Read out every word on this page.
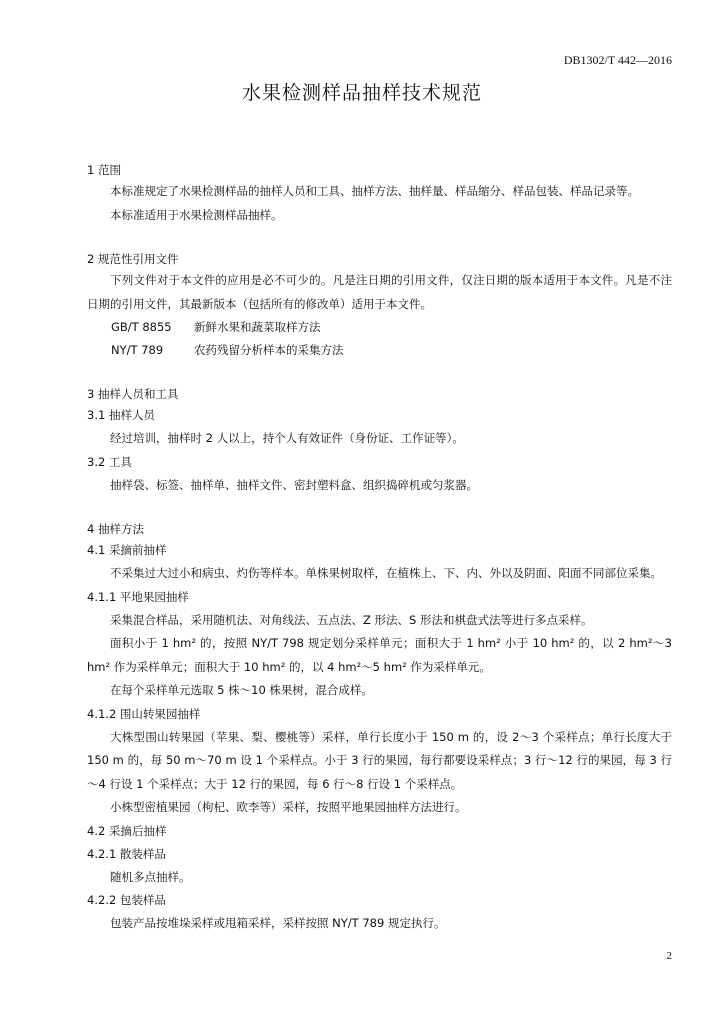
DB1302/T 442—2016
水果检测样品抽样技术规范
1 范围
本标准规定了水果检测样品的抽样人员和工具、抽样方法、抽样量、样品缩分、样品包装、样品记录等。
本标准适用于水果检测样品抽样。
2 规范性引用文件
下列文件对于本文件的应用是必不可少的。凡是注日期的引用文件，仅注日期的版本适用于本文件。凡是不注日期的引用文件，其最新版本（包括所有的修改单）适用于本文件。
GB/T 8855	新鲜水果和蔬菜取样方法
NY/T 789	农药残留分析样本的采集方法
3 抽样人员和工具
3.1 抽样人员
经过培训，抽样时 2 人以上，持个人有效证件（身份证、工作证等）。
3.2 工具
抽样袋、标签、抽样单、抽样文件、密封塑料盒、组织捣碎机或匀浆器。
4 抽样方法
4.1 采摘前抽样
不采集过大过小和病虫、灼伤等样本。单株果树取样，在植株上、下、内、外以及阴面、阳面不同部位采集。
4.1.1 平地果园抽样
采集混合样品，采用随机法、对角线法、五点法、Z 形法、S 形法和棋盘式法等进行多点采样。
面积小于 1 hm² 的，按照 NY/T 798 规定划分采样单元；面积大于 1 hm² 小于 10 hm² 的，以 2 hm²～3 hm² 作为采样单元；面积大于 10 hm² 的，以 4 hm²～5 hm² 作为采样单元。
在每个采样单元选取 5 株～10 株果树，混合成样。
4.1.2 围山转果园抽样
大株型围山转果园（苹果、梨、樱桃等）采样，单行长度小于 150 m 的，设 2～3 个采样点；单行长度大于 150 m 的，每 50 m～70 m 设 1 个采样点。小于 3 行的果园，每行都要设采样点；3 行～12 行的果园，每 3 行～4 行设 1 个采样点；大于 12 行的果园，每 6 行～8 行设 1 个采样点。
小株型密植果园（枸杞、欧李等）采样，按照平地果园抽样方法进行。
4.2 采摘后抽样
4.2.1 散装样品
随机多点抽样。
4.2.2 包装样品
包装产品按堆垛采样或甩箱采样，采样按照 NY/T 789 规定执行。
2
